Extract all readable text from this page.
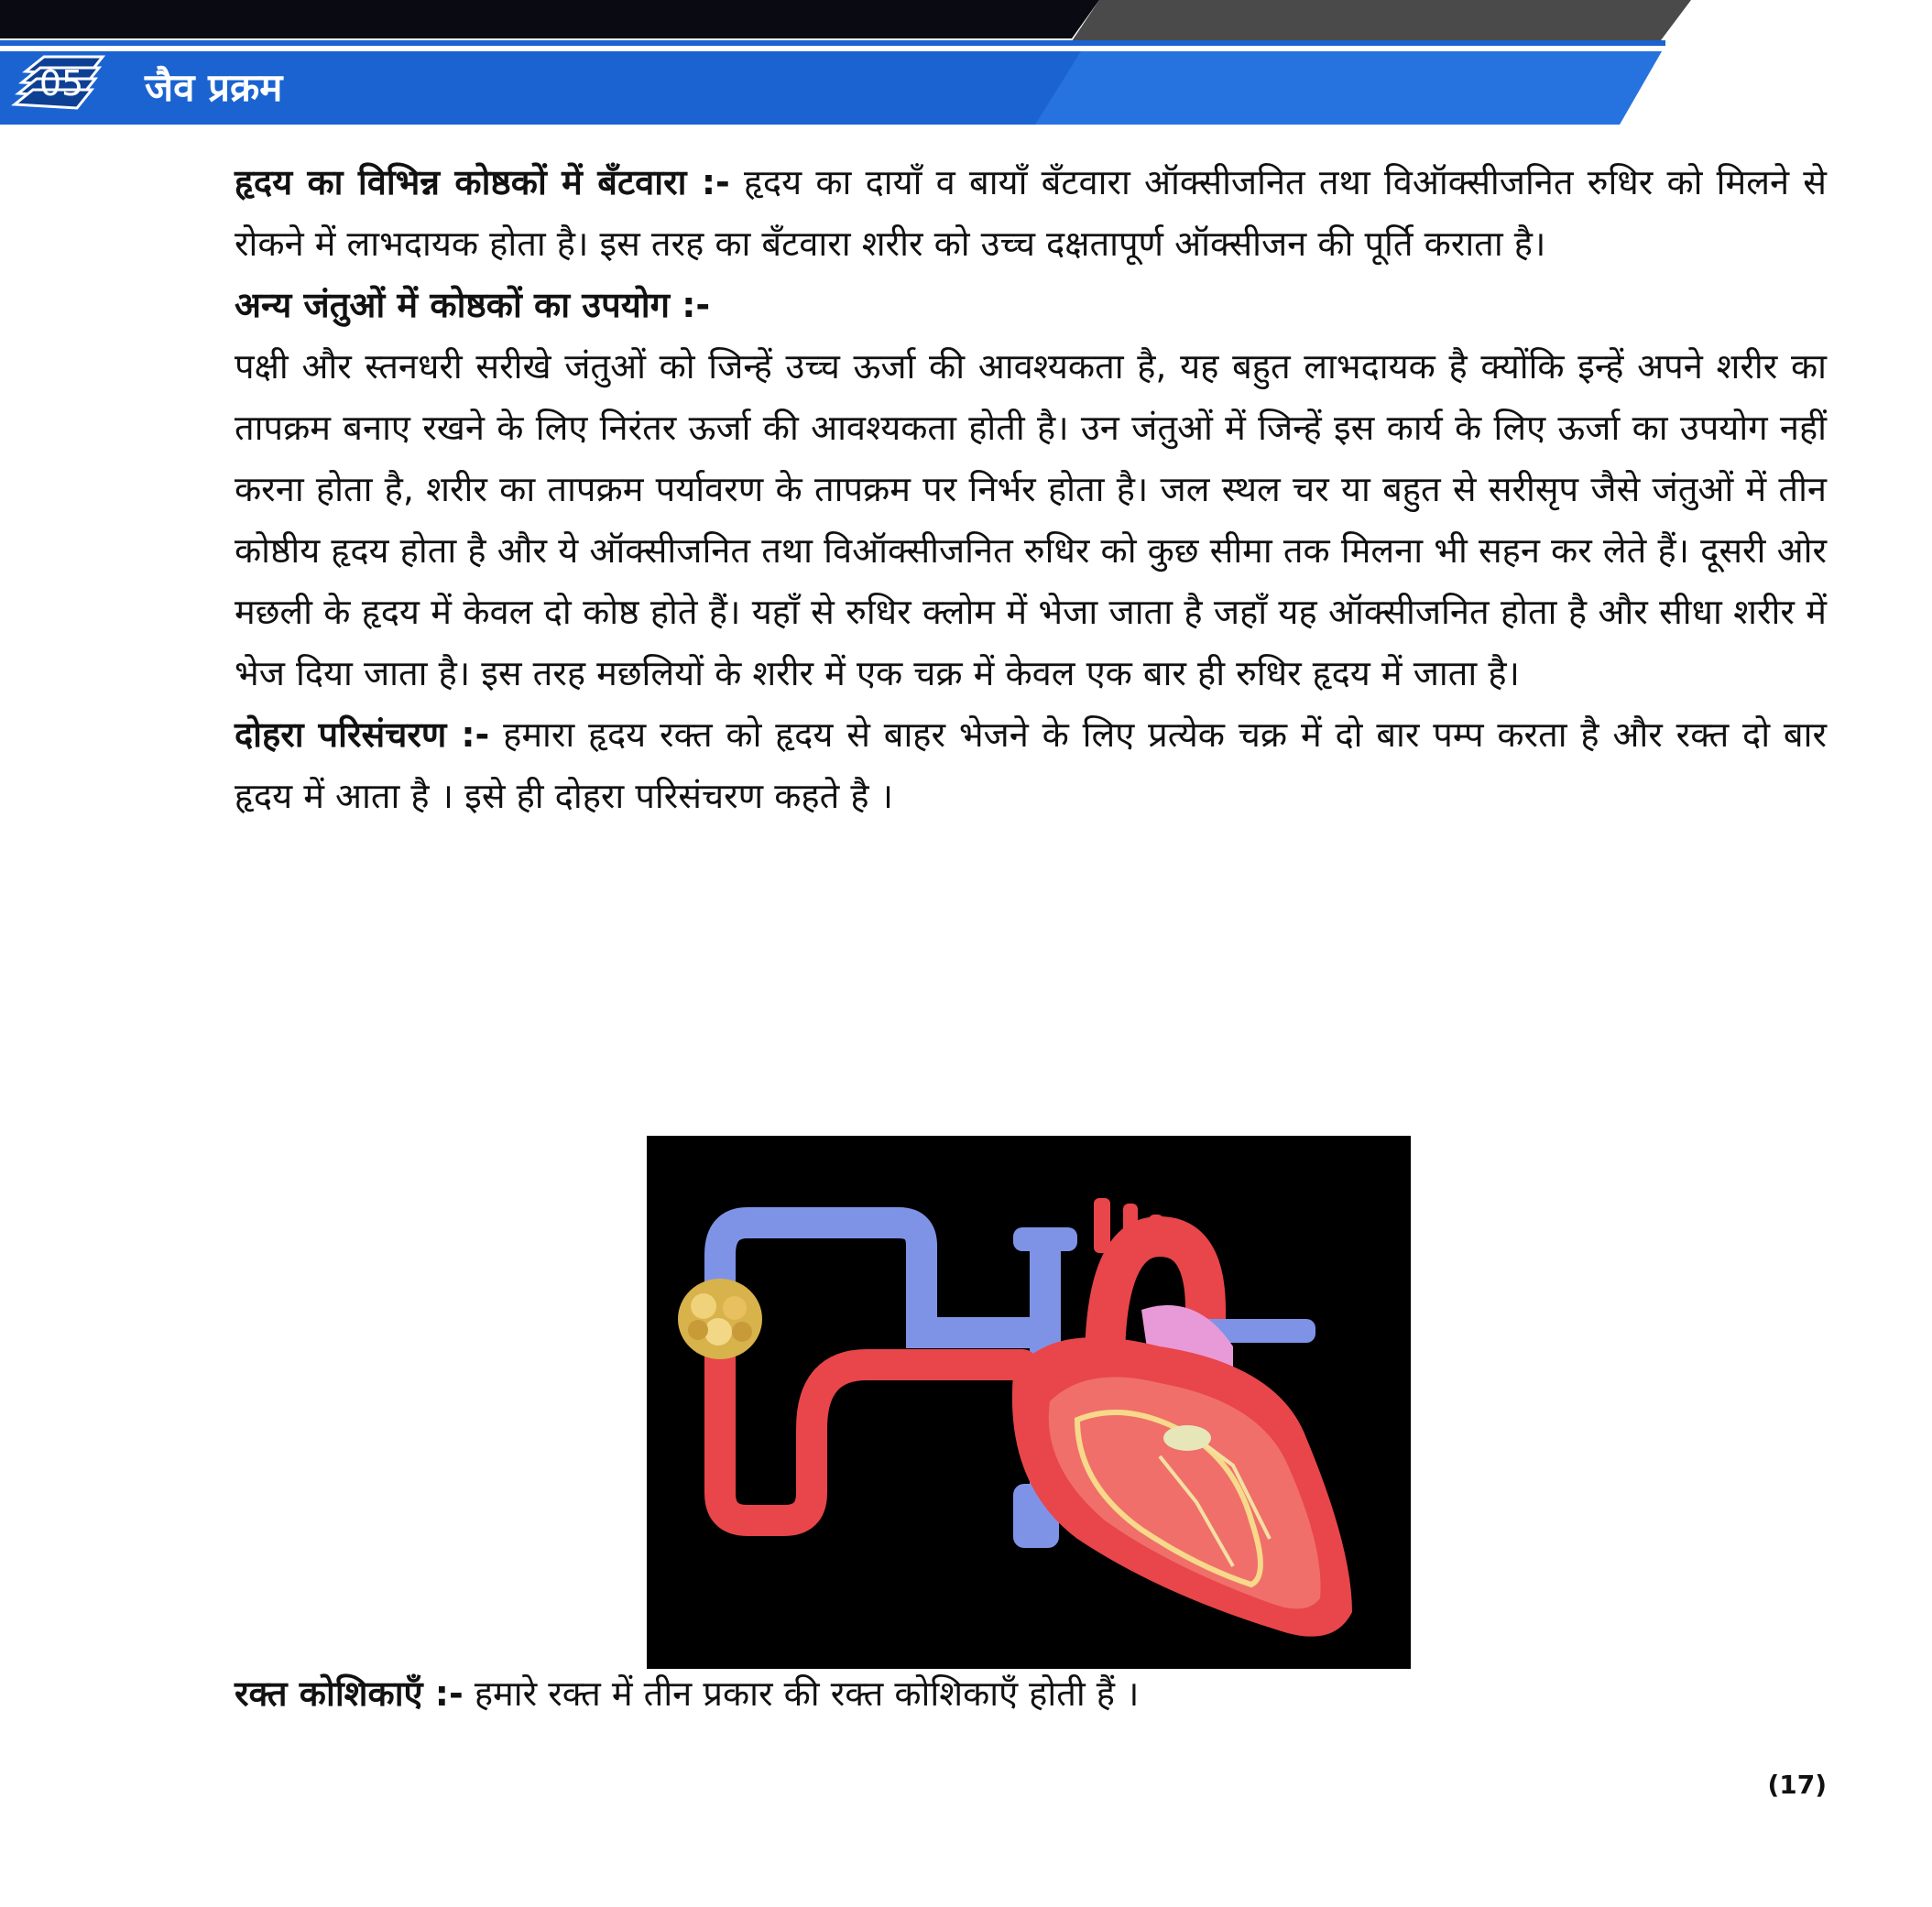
05	जैव प्रक्रम

हृदय का विभिन्न कोष्ठकों में बँटवारा :- हृदय का दायाँ व बायाँ बँटवारा ऑक्सीजनित तथा विऑक्सीजनित रुधिर को मिलने से रोकने में लाभदायक होता है। इस तरह का बँटवारा शरीर को उच्च दक्षतापूर्ण ऑक्सीजन की पूर्ति कराता है।

अन्य जंतुओं में कोष्ठकों का उपयोग :-

पक्षी और स्तनधरी सरीखे जंतुओं को जिन्हें उच्च ऊर्जा की आवश्यकता है, यह बहुत लाभदायक है क्योंकि इन्हें अपने शरीर का तापक्रम बनाए रखने के लिए निरंतर ऊर्जा की आवश्यकता होती है। उन जंतुओं में जिन्हें इस कार्य के लिए ऊर्जा का उपयोग नहीं करना होता है, शरीर का तापक्रम पर्यावरण के तापक्रम पर निर्भर होता है। जल स्थल चर या बहुत से सरीसृप जैसे जंतुओं में तीन कोष्ठीय हृदय होता है और ये ऑक्सीजनित तथा विऑक्सीजनित रुधिर को कुछ सीमा तक मिलना भी सहन कर लेते हैं। दूसरी ओर मछली के हृदय में केवल दो कोष्ठ होते हैं। यहाँ से रुधिर क्लोम में भेजा जाता है जहाँ यह ऑक्सीजनित होता है और सीधा शरीर में भेज दिया जाता है। इस तरह मछलियों के शरीर में एक चक्र में केवल एक बार ही रुधिर हृदय में जाता है।

दोहरा परिसंचरण :- हमारा हृदय रक्त को हृदय से बाहर भेजने के लिए प्रत्येक चक्र में दो बार पम्प करता है और रक्त दो बार हृदय में आता है । इसे ही दोहरा परिसंचरण कहते है ।

रक्त कोशिकाएँ :- हमारे रक्त में तीन प्रकार की रक्त कोशिकाएँ होती हैं ।
(17)
